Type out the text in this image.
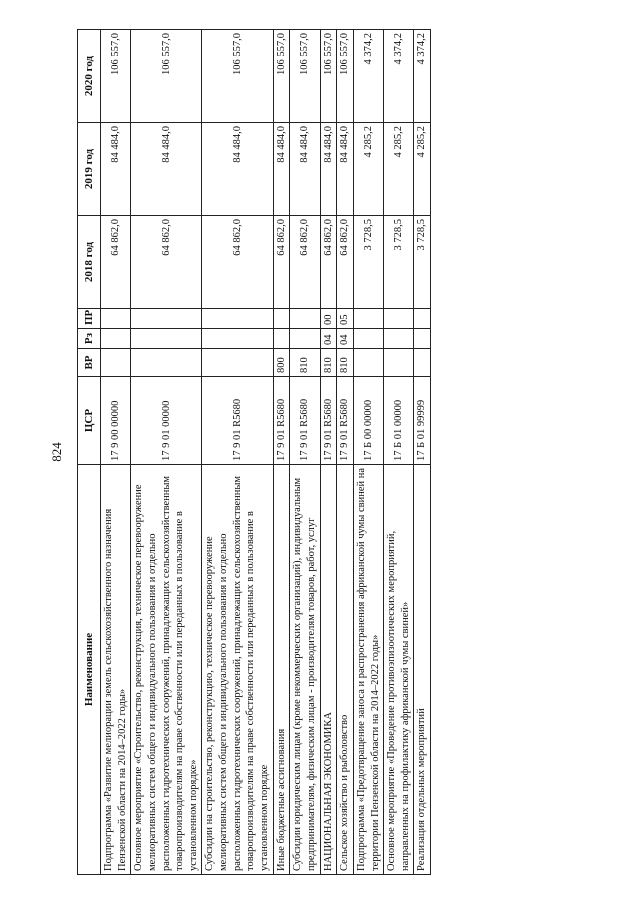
824
Наименование	ЦСР	ВР	Рз	ПР	2018 год	2019 год	2020 год
Подпрограмма «Развитие мелиорации земель сельскохозяйственного назначения Пензенской области на 2014–2022 годы»	17 9 00 00000				64 862,0	84 484,0	106 557,0
Основное мероприятие «Строительство, реконструкция, техническое перевооружение мелиоративных систем общего и индивидуального пользования и отдельно расположенных гидротехнических сооружений, принадлежащих сельскохозяйственным товаропроизводителям на праве собственности или переданных в пользование в установленном порядке»	17 9 01 00000				64 862,0	84 484,0	106 557,0
Субсидии на строительство, реконструкцию, техническое перевооружение мелиоративных систем общего и индивидуального пользования и отдельно расположенных гидротехнических сооружений, принадлежащих сельскохозяйственным товаропроизводителям на праве собственности или переданных в пользование в установленном порядке	17 9 01 R5680				64 862,0	84 484,0	106 557,0
Иные бюджетные ассигнования	17 9 01 R5680	800			64 862,0	84 484,0	106 557,0
Субсидии юридическим лицам (кроме некоммерческих организаций), индивидуальным предпринимателям, физическим лицам - производителям товаров, работ, услуг	17 9 01 R5680	810			64 862,0	84 484,0	106 557,0
НАЦИОНАЛЬНАЯ ЭКОНОМИКА	17 9 01 R5680	810	04	00	64 862,0	84 484,0	106 557,0
Сельское хозяйство и рыболовство	17 9 01 R5680	810	04	05	64 862,0	84 484,0	106 557,0
Подпрограмма «Предотвращение заноса и распространения африканской чумы свиней на территории Пензенской области на 2014–2022 годы»	17 Б 00 00000				3 728,5	4 285,2	4 374,2
Основное мероприятие «Проведение противоэпизоотических мероприятий, направленных на профилактику африканской чумы свиней»	17 Б 01 00000				3 728,5	4 285,2	4 374,2
Реализация отдельных мероприятий	17 Б 01 99999				3 728,5	4 285,2	4 374,2
